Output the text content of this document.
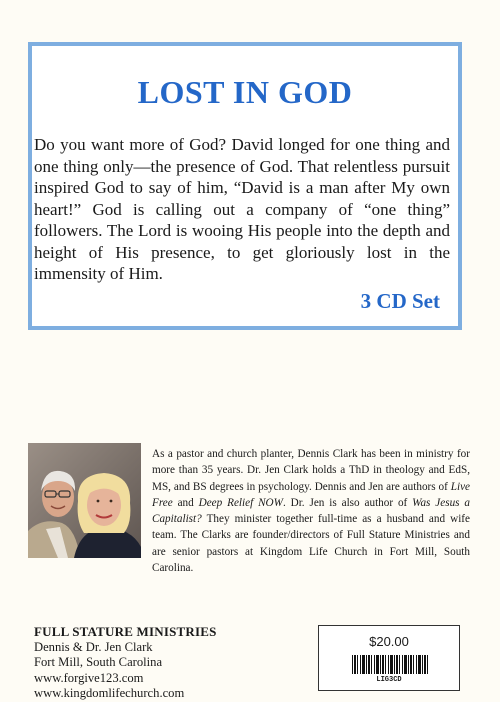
LOST IN GOD

Do you want more of God? David longed for one thing and one thing only—the presence of God. That relentless pursuit inspired God to say of him, “David is a man after My own heart!” God is calling out a company of “one thing” followers. The Lord is wooing His people into the depth and height of His presence, to get gloriously lost in the immensity of Him.

3 CD Set

As a pastor and church planter, Dennis Clark has been in ministry for more than 35 years. Dr. Jen Clark holds a ThD in theology and EdS, MS, and BS degrees in psychology. Dennis and Jen are authors of Live Free and Deep Relief NOW. Dr. Jen is also author of Was Jesus a Capitalist? They minister together full-time as a husband and wife team. The Clarks are founder/directors of Full Stature Ministries and are senior pastors at Kingdom Life Church in Fort Mill, South Carolina.

FULL STATURE MINISTRIES
Dennis & Dr. Jen Clark
Fort Mill, South Carolina
www.forgive123.com
www.kingdomlifechurch.com
$20.00
LIG3CD
